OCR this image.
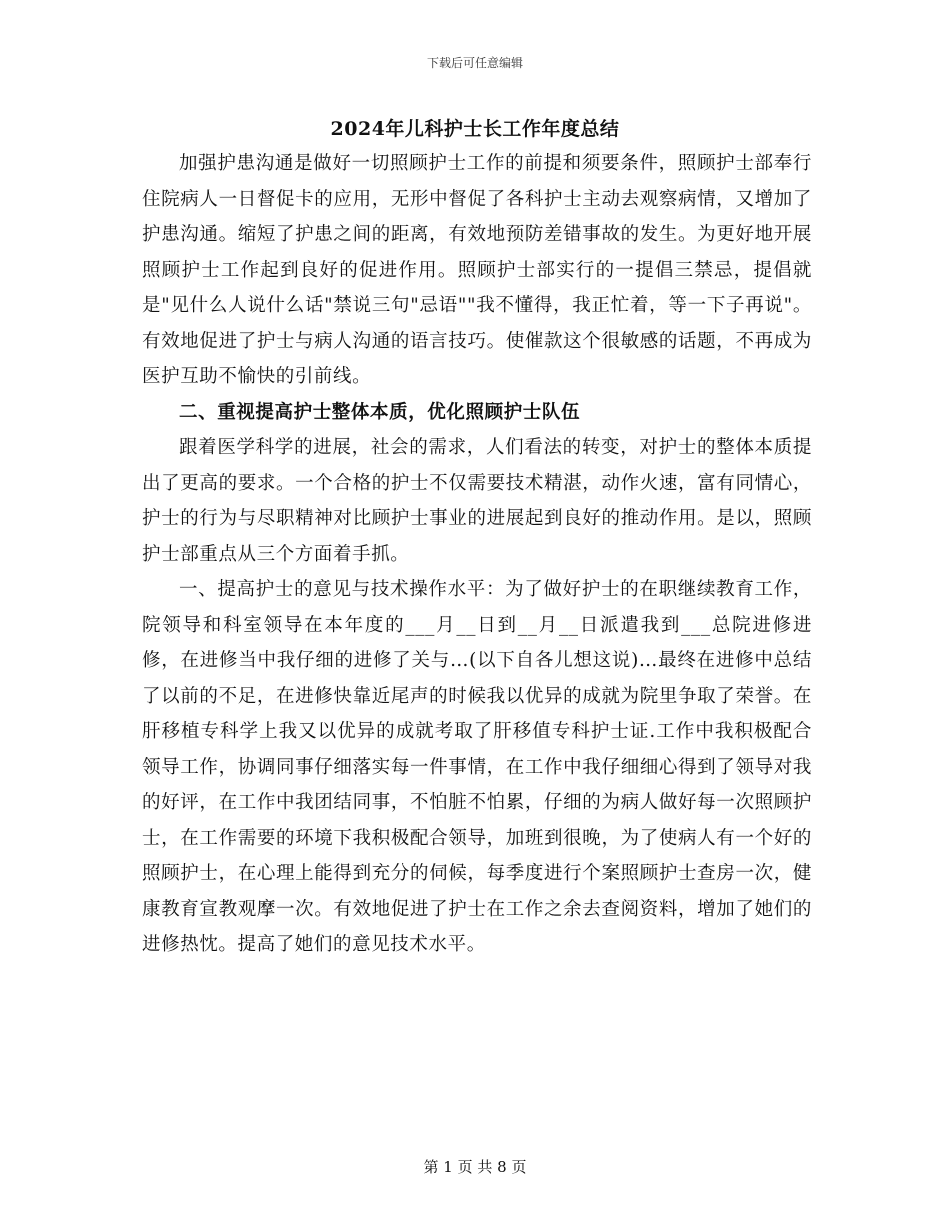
下载后可任意编辑
2024年儿科护士长工作年度总结

加强护患沟通是做好一切照顾护士工作的前提和须要条件，照顾护士部奉行住院病人一日督促卡的应用，无形中督促了各科护士主动去观察病情，又增加了护患沟通。缩短了护患之间的距离，有效地预防差错事故的发生。为更好地开展照顾护士工作起到良好的促进作用。照顾护士部实行的一提倡三禁忌，提倡就是"见什么人说什么话"禁说三句"忌语""我不懂得，我正忙着，等一下子再说"。有效地促进了护士与病人沟通的语言技巧。使催款这个很敏感的话题，不再成为医护互助不愉快的引前线。

二、重视提高护士整体本质，优化照顾护士队伍

跟着医学科学的进展，社会的需求，人们看法的转变，对护士的整体本质提出了更高的要求。一个合格的护士不仅需要技术精湛，动作火速，富有同情心，护士的行为与尽职精神对比顾护士事业的进展起到良好的推动作用。是以，照顾护士部重点从三个方面着手抓。

一、提高护士的意见与技术操作水平：为了做好护士的在职继续教育工作，院领导和科室领导在本年度的___月__日到__月__日派遣我到___总院进修进修，在进修当中我仔细的进修了关与…(以下自各儿想这说)…最终在进修中总结了以前的不足，在进修快靠近尾声的时候我以优异的成就为院里争取了荣誉。在肝移植专科学上我又以优异的成就考取了肝移值专科护士证.工作中我积极配合领导工作，协调同事仔细落实每一件事情，在工作中我仔细细心得到了领导对我的好评，在工作中我团结同事，不怕脏不怕累，仔细的为病人做好每一次照顾护士，在工作需要的环境下我积极配合领导，加班到很晚，为了使病人有一个好的照顾护士，在心理上能得到充分的伺候，每季度进行个案照顾护士查房一次，健康教育宣教观摩一次。有效地促进了护士在工作之余去查阅资料，增加了她们的进修热忱。提高了她们的意见技术水平。

第 1 页 共 8 页
